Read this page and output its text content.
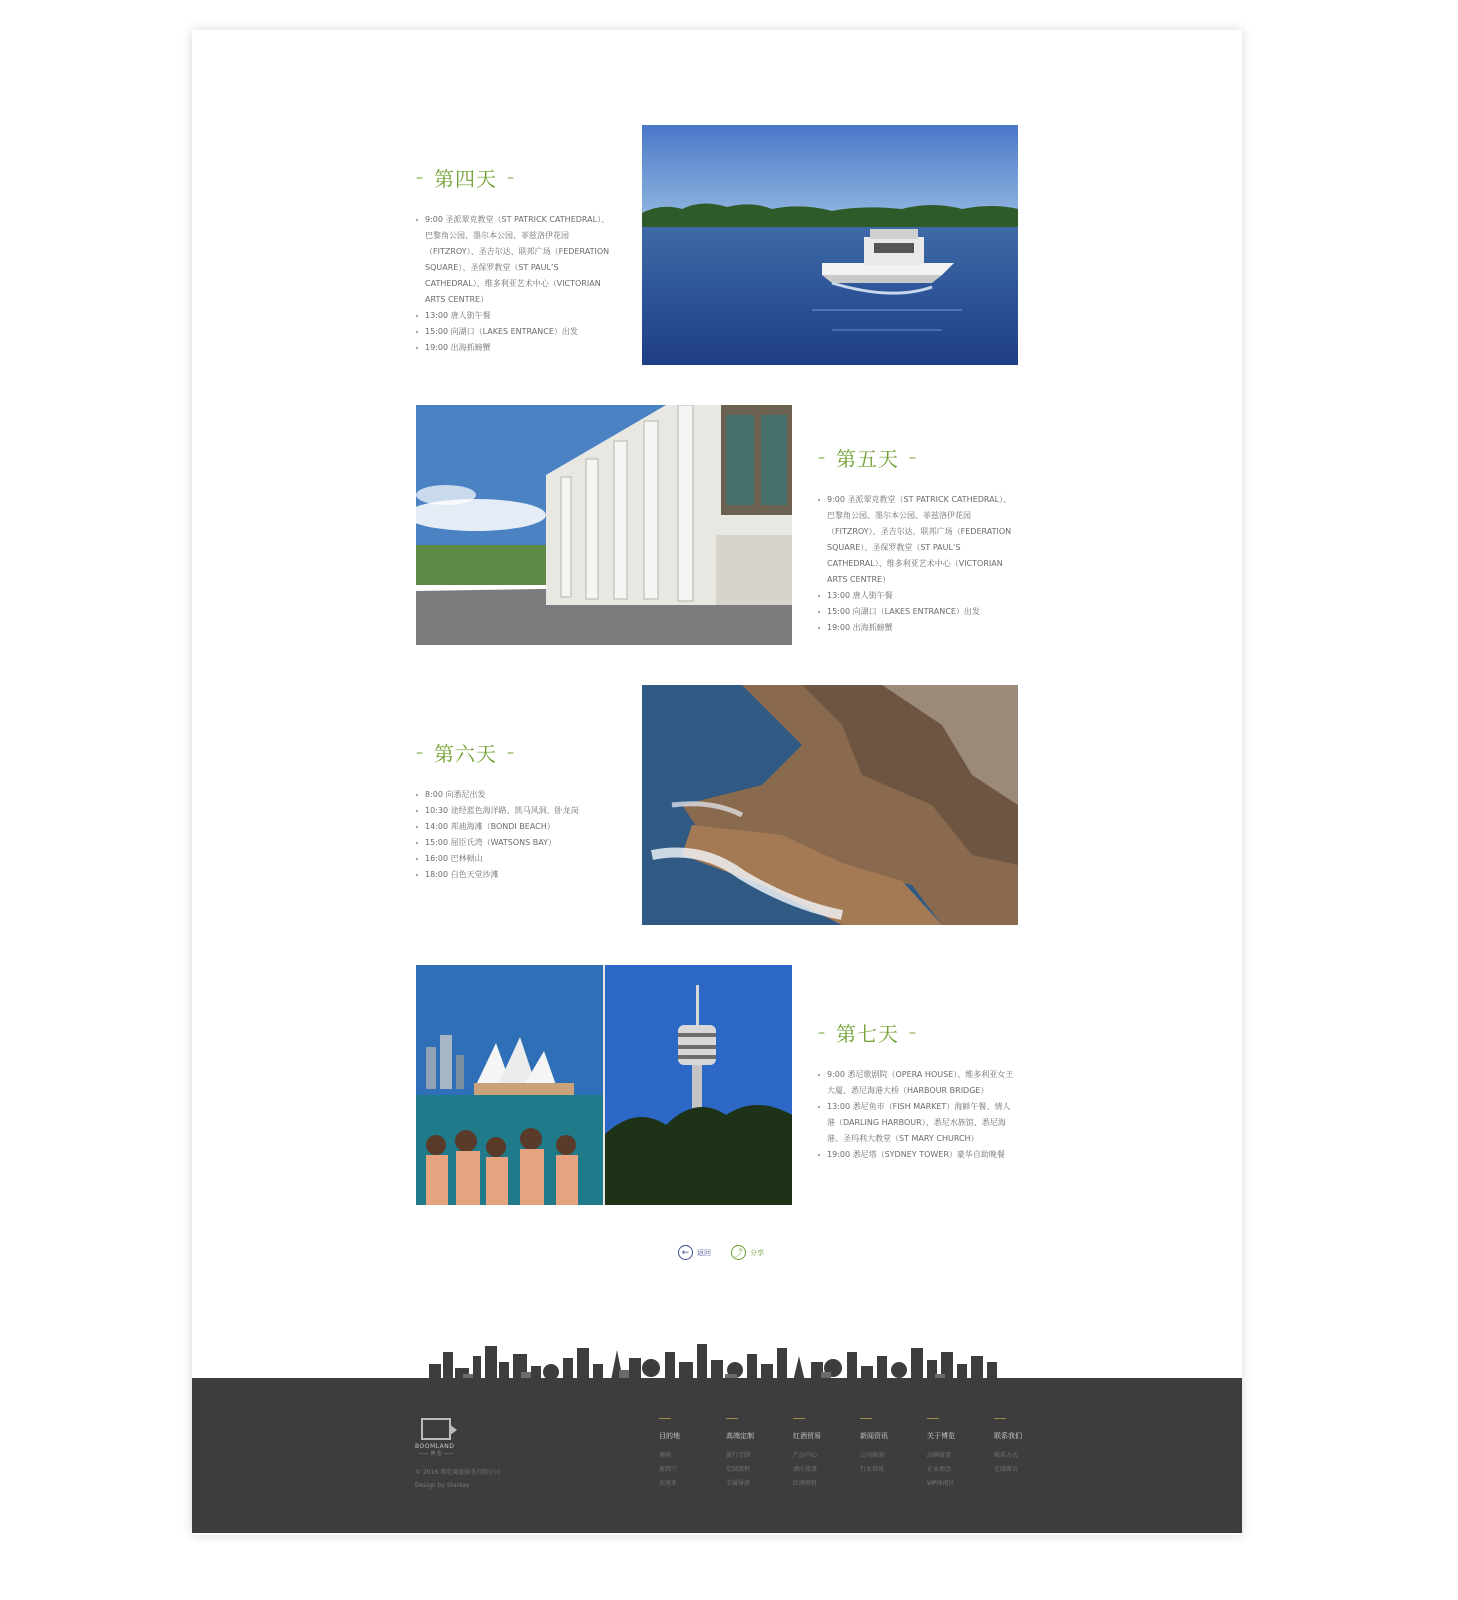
– 第四天 –
9:00 圣派翠克教堂（ST PATRICK CATHEDRAL）、巴黎角公园、墨尔本公园、菲兹洛伊花园（FITZROY）、圣吉尔达、联邦广场（FEDERATION SQUARE）、圣保罗教堂（ST PAUL’S CATHEDRAL）、维多利亚艺术中心（VICTORIAN ARTS CENTRE）
13:00 唐人街午餐
15:00 向湖口（LAKES ENTRANCE）出发
19:00 出海抓螃蟹
– 第五天 –
9:00 圣派翠克教堂（ST PATRICK CATHEDRAL）、巴黎角公园、墨尔本公园、菲兹洛伊花园（FITZROY）、圣吉尔达、联邦广场（FEDERATION SQUARE）、圣保罗教堂（ST PAUL’S CATHEDRAL）、维多利亚艺术中心（VICTORIAN ARTS CENTRE）
13:00 唐人街午餐
15:00 向湖口（LAKES ENTRANCE）出发
19:00 出海抓螃蟹
– 第六天 –
8:00 向悉尼出发
10:30 途经蓝色海洋路、凯马风洞、卧龙岗
14:00 邦迪海滩（BONDI BEACH）
15:00 屈臣氏湾（WATSONS BAY）
16:00 巴林顿山
18:00 白色天堂沙滩
– 第七天 –
9:00 悉尼歌剧院（OPERA HOUSE）、维多利亚女王大厦、悉尼海港大桥（HARBOUR BRIDGE）
13:00 悉尼鱼市（FISH MARKET）海鲜午餐、情人港（DARLING HARBOUR）、悉尼水族馆、悉尼海港、圣玛利大教堂（ST MARY CHURCH）
19:00 悉尼塔（SYDNEY TOWER）豪华自助晚餐
←	返回	⤴	分享
BOOMLAND
—— 博 览 ——
© 2016 博览商旅服务有限公司
Design by Starkay
目的地
澳洲
新西兰
东南亚
高端定制
旅行定制
定制流程
专属导游
红酒贸易
产品中心
酒庄故事
红酒资料
新闻资讯
公司新闻
行业资讯
关于博览
品牌故事
企业理念
VIP休闲区
联系我们
联系方式
在线留言
